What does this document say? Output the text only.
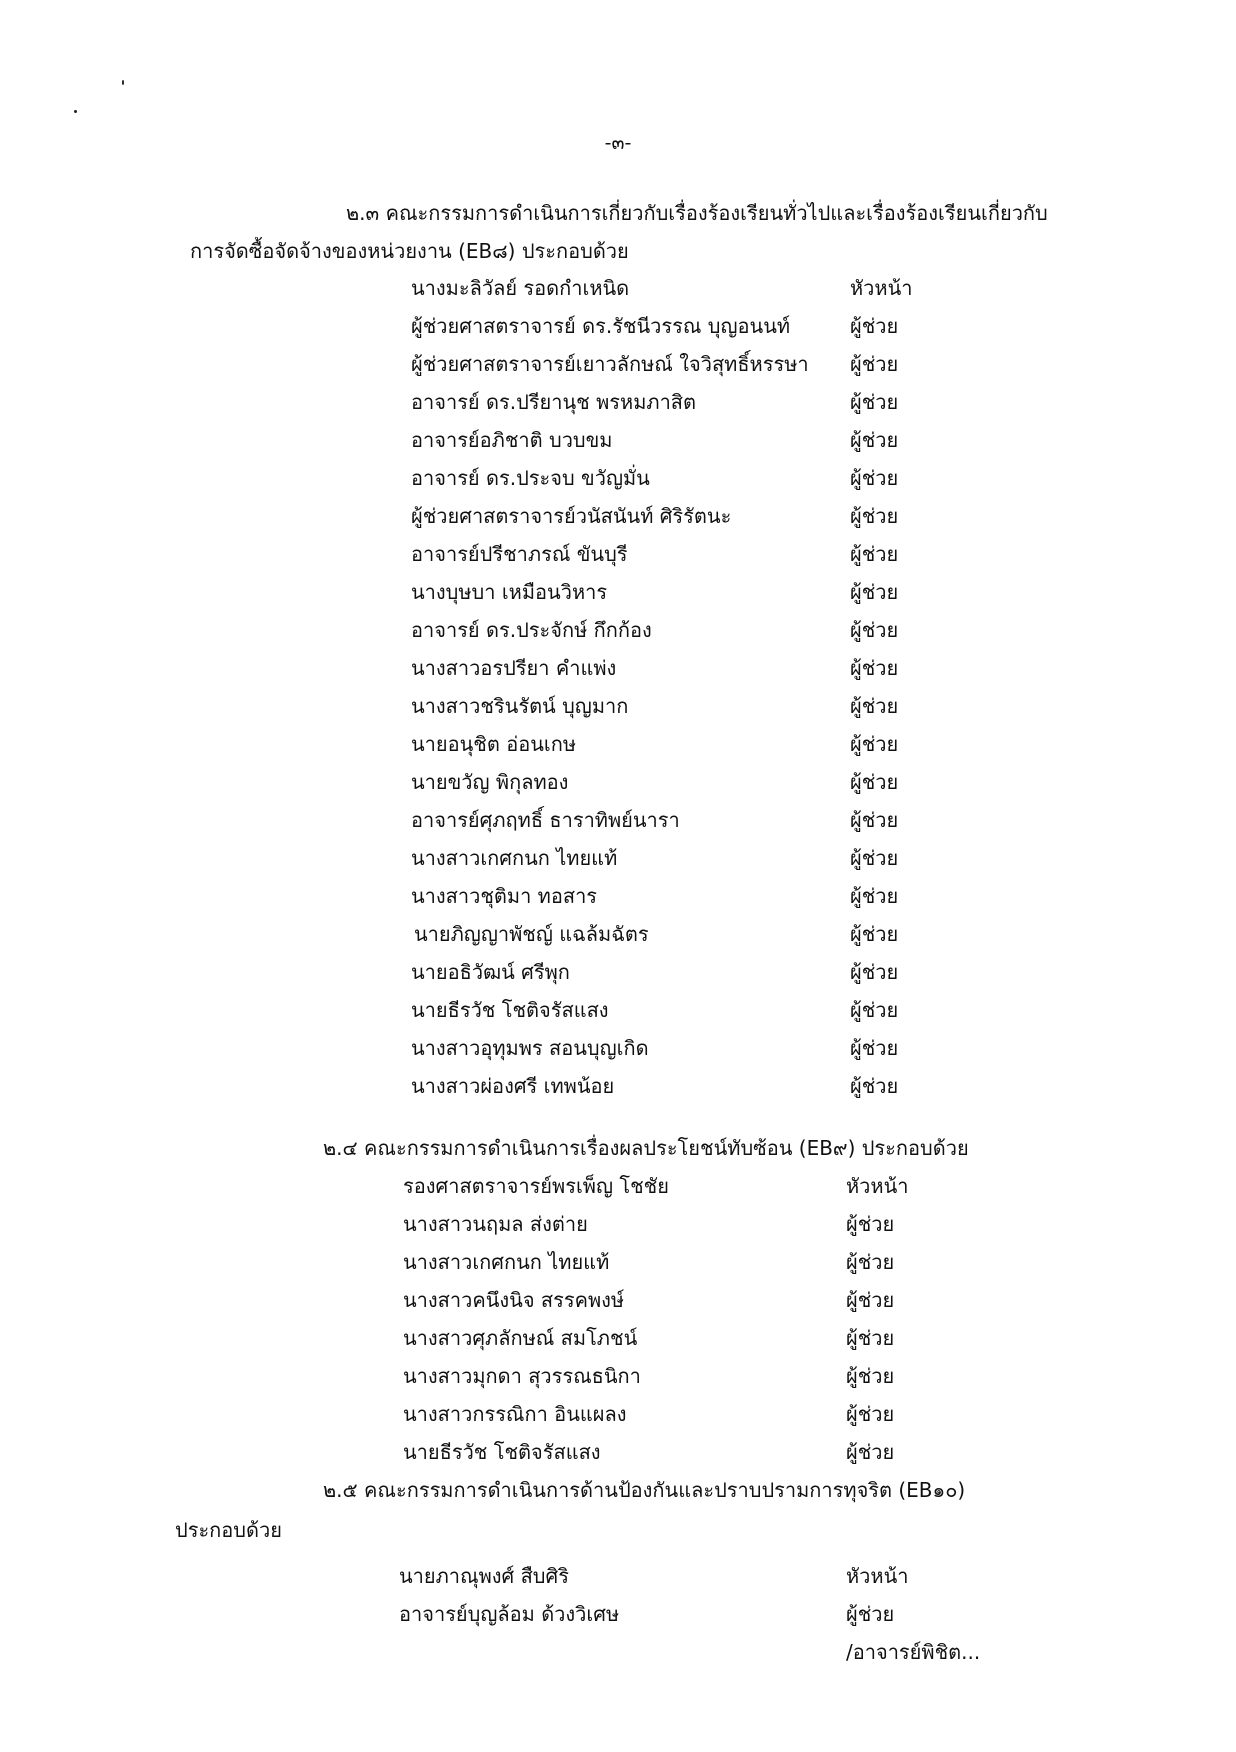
-๓-
๒.๓ คณะกรรมการดำเนินการเกี่ยวกับเรื่องร้องเรียนทั่วไปและเรื่องร้องเรียนเกี่ยวกับ
การจัดซื้อจัดจ้างของหน่วยงาน (EB๘) ประกอบด้วย
นางมะลิวัลย์ รอดกำเหนิด	หัวหน้า
ผู้ช่วยศาสตราจารย์ ดร.รัชนีวรรณ บุญอนนท์	ผู้ช่วย
ผู้ช่วยศาสตราจารย์เยาวลักษณ์ ใจวิสุทธิ์หรรษา ผู้ช่วย
อาจารย์ ดร.ปรียานุช พรหมภาสิต	ผู้ช่วย
อาจารย์อภิชาติ บวบขม	ผู้ช่วย
อาจารย์ ดร.ประจบ ขวัญมั่น	ผู้ช่วย
ผู้ช่วยศาสตราจารย์วนัสนันท์ ศิริรัตนะ	ผู้ช่วย
อาจารย์ปรีชาภรณ์ ขันบุรี	ผู้ช่วย
นางบุษบา เหมือนวิหาร	ผู้ช่วย
อาจารย์ ดร.ประจักษ์ กึกก้อง	ผู้ช่วย
นางสาวอรปรียา คำแพ่ง	ผู้ช่วย
นางสาวชรินรัตน์ บุญมาก	ผู้ช่วย
นายอนุชิต อ่อนเกษ	ผู้ช่วย
นายขวัญ พิกุลทอง	ผู้ช่วย
อาจารย์ศุภฤทธิ์ ธาราทิพย์นารา	ผู้ช่วย
นางสาวเกศกนก ไทยแท้	ผู้ช่วย
นางสาวชุติมา ทอสาร	ผู้ช่วย
นายภิญญาพัชญ์ แฉล้มฉัตร	ผู้ช่วย
นายอธิวัฒน์ ศรีพุก	ผู้ช่วย
นายธีรวัช โชติจรัสแสง	ผู้ช่วย
นางสาวอุทุมพร สอนบุญเกิด	ผู้ช่วย
นางสาวผ่องศรี เทพน้อย	ผู้ช่วย
๒.๔ คณะกรรมการดำเนินการเรื่องผลประโยชน์ทับซ้อน (EB๙) ประกอบด้วย
รองศาสตราจารย์พรเพ็ญ โชชัย	หัวหน้า
นางสาวนฤมล ส่งต่าย	ผู้ช่วย
นางสาวเกศกนก ไทยแท้	ผู้ช่วย
นางสาวคนึงนิจ สรรคพงษ์	ผู้ช่วย
นางสาวศุภลักษณ์ สมโภชน์	ผู้ช่วย
นางสาวมุกดา สุวรรณธนิกา	ผู้ช่วย
นางสาวกรรณิกา อินแผลง	ผู้ช่วย
นายธีรวัช โชติจรัสแสง	ผู้ช่วย
๒.๕ คณะกรรมการดำเนินการด้านป้องกันและปราบปรามการทุจริต (EB๑๐)
ประกอบด้วย
นายภาณุพงศ์ สืบศิริ	หัวหน้า
อาจารย์บุญล้อม ด้วงวิเศษ	ผู้ช่วย
/อาจารย์พิชิต...
